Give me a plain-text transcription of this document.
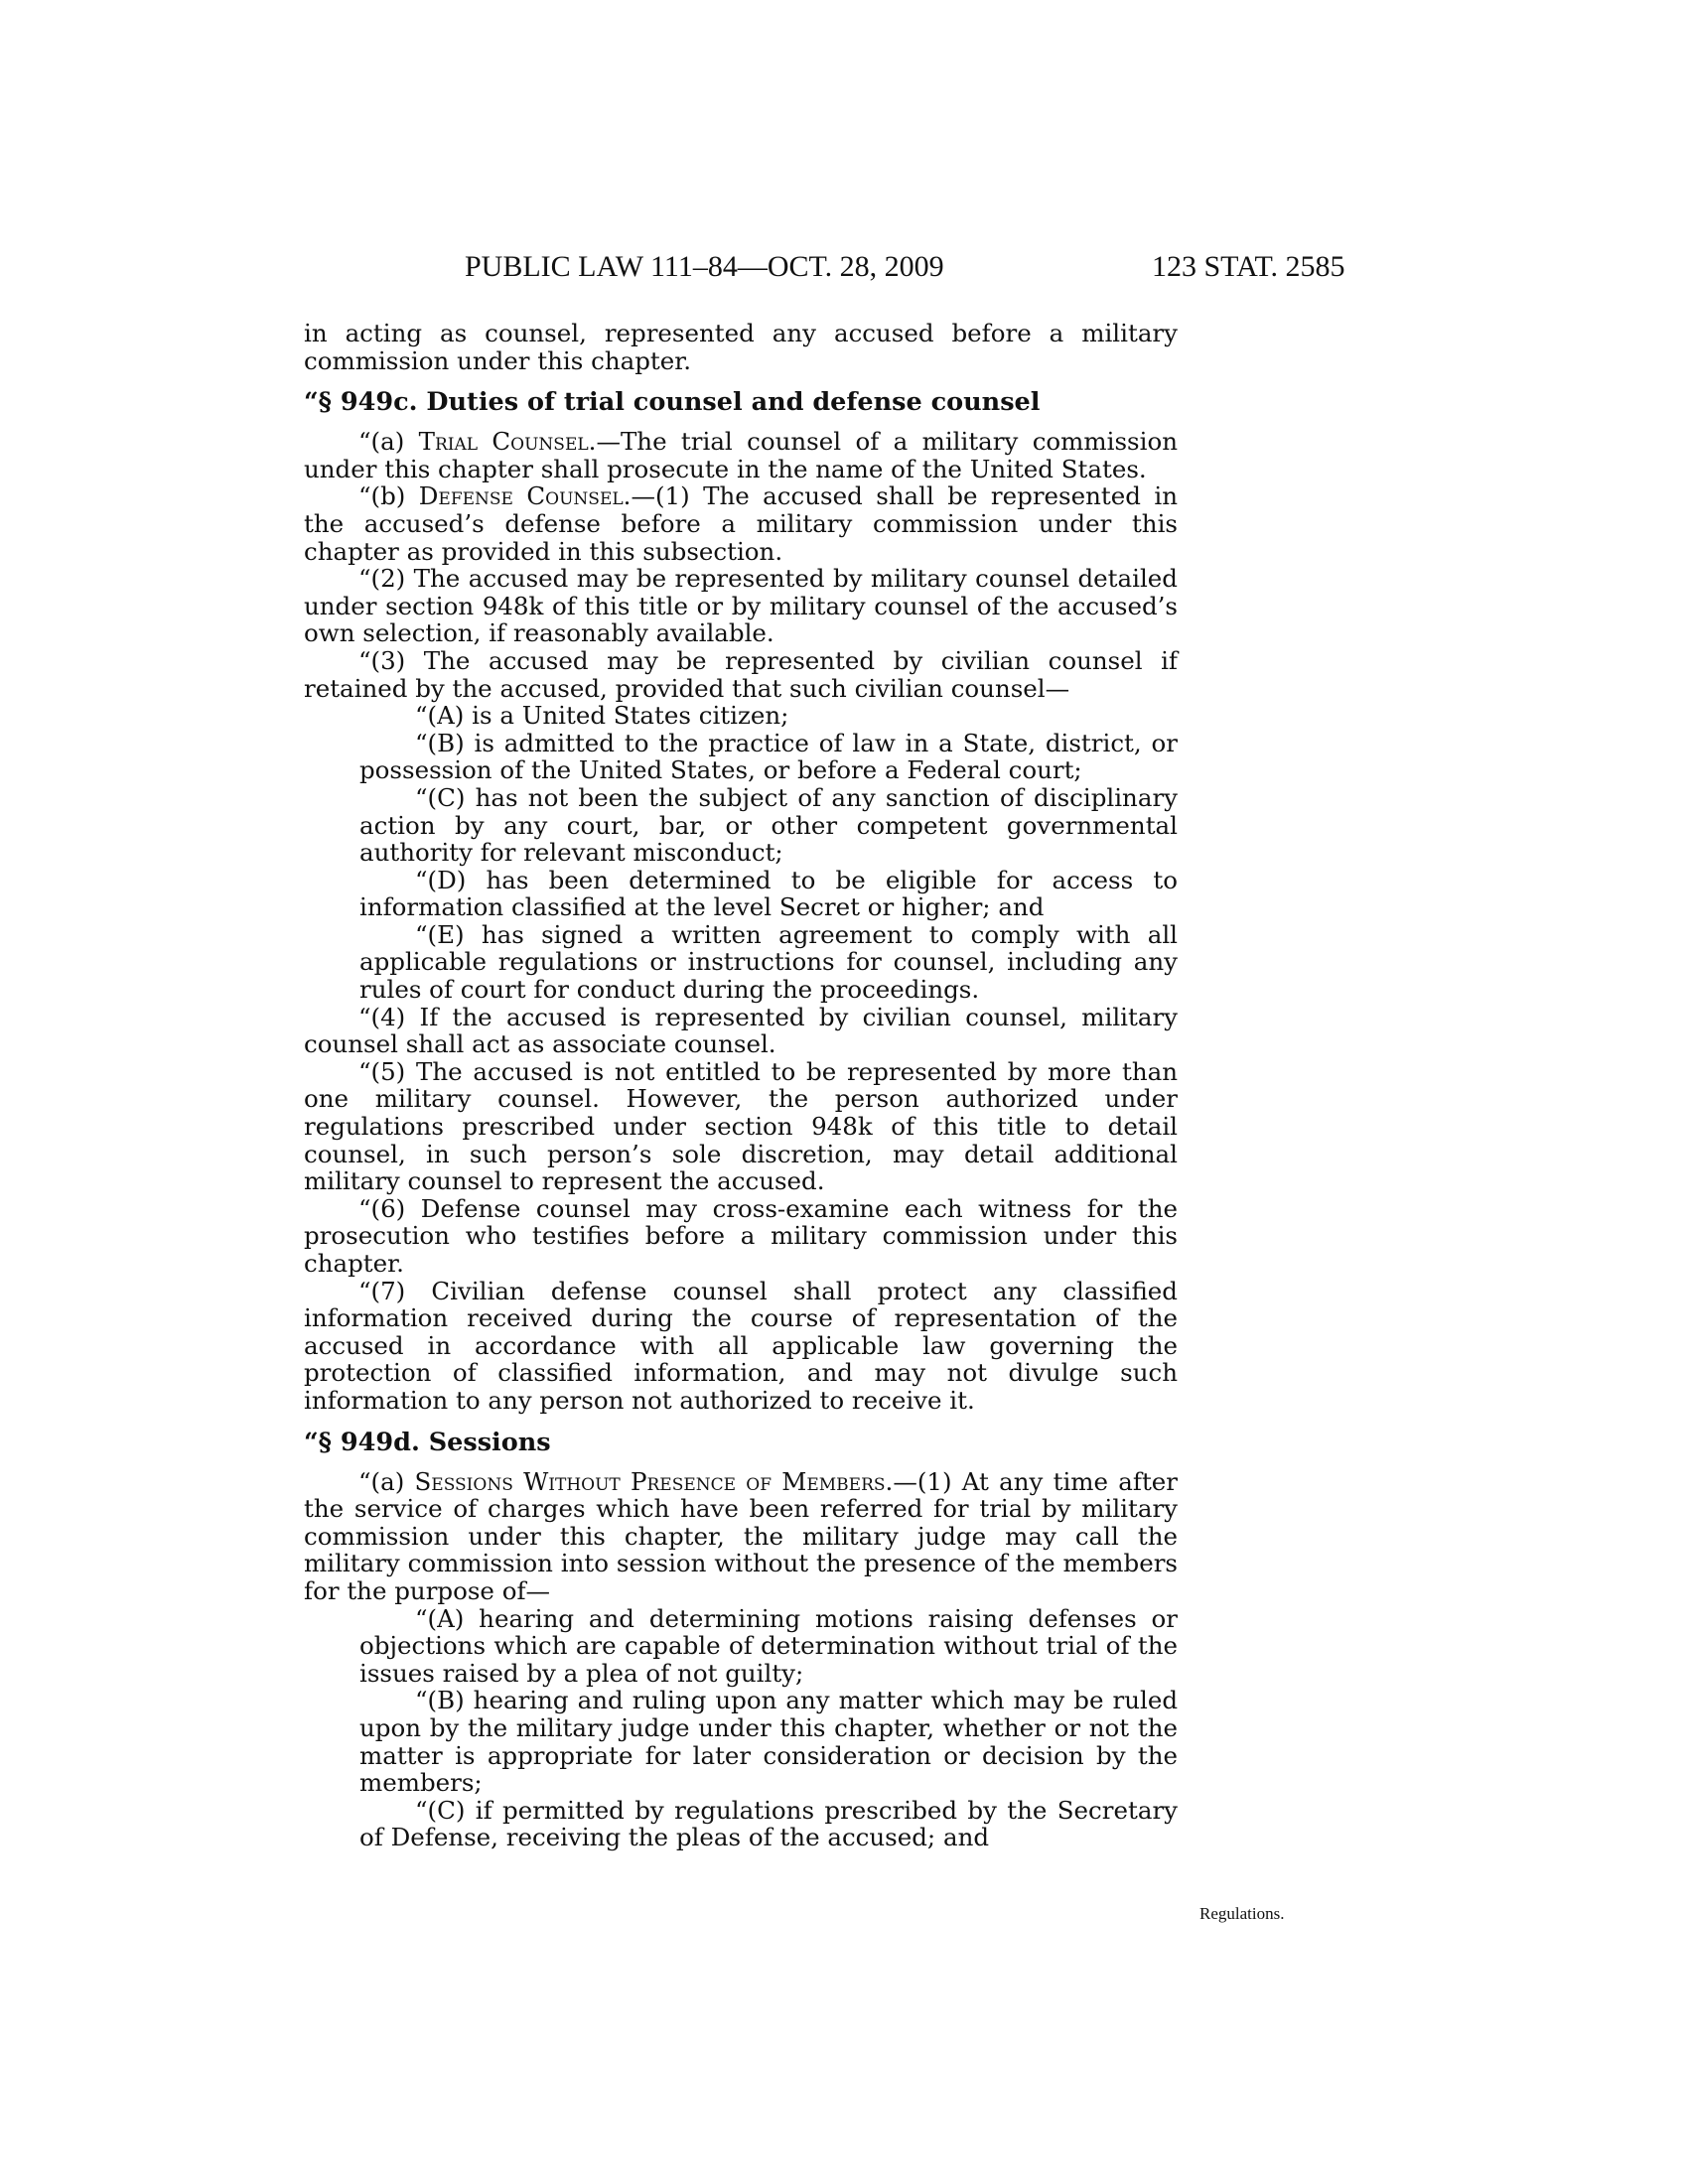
PUBLIC LAW 111–84—OCT. 28, 2009	123 STAT. 2585

in acting as counsel, represented any accused before a military commission under this chapter.

“§ 949c. Duties of trial counsel and defense counsel

“(a) Trial Counsel.—The trial counsel of a military commission under this chapter shall prosecute in the name of the United States.

“(b) Defense Counsel.—(1) The accused shall be represented in the accused’s defense before a military commission under this chapter as provided in this subsection.

“(2) The accused may be represented by military counsel detailed under section 948k of this title or by military counsel of the accused’s own selection, if reasonably available.

“(3) The accused may be represented by civilian counsel if retained by the accused, provided that such civilian counsel—

“(A) is a United States citizen;

“(B) is admitted to the practice of law in a State, district, or possession of the United States, or before a Federal court;

“(C) has not been the subject of any sanction of disciplinary action by any court, bar, or other competent governmental authority for relevant misconduct;

“(D) has been determined to be eligible for access to information classified at the level Secret or higher; and

“(E) has signed a written agreement to comply with all applicable regulations or instructions for counsel, including any rules of court for conduct during the proceedings.

“(4) If the accused is represented by civilian counsel, military counsel shall act as associate counsel.

“(5) The accused is not entitled to be represented by more than one military counsel. However, the person authorized under regulations prescribed under section 948k of this title to detail counsel, in such person’s sole discretion, may detail additional military counsel to represent the accused.

“(6) Defense counsel may cross-examine each witness for the prosecution who testifies before a military commission under this chapter.

“(7) Civilian defense counsel shall protect any classified information received during the course of representation of the accused in accordance with all applicable law governing the protection of classified information, and may not divulge such information to any person not authorized to receive it.

“§ 949d. Sessions

“(a) Sessions Without Presence of Members.—(1) At any time after the service of charges which have been referred for trial by military commission under this chapter, the military judge may call the military commission into session without the presence of the members for the purpose of—

“(A) hearing and determining motions raising defenses or objections which are capable of determination without trial of the issues raised by a plea of not guilty;

“(B) hearing and ruling upon any matter which may be ruled upon by the military judge under this chapter, whether or not the matter is appropriate for later consideration or decision by the members;

“(C) if permitted by regulations prescribed by the Secretary of Defense, receiving the pleas of the accused; and

Regulations.
